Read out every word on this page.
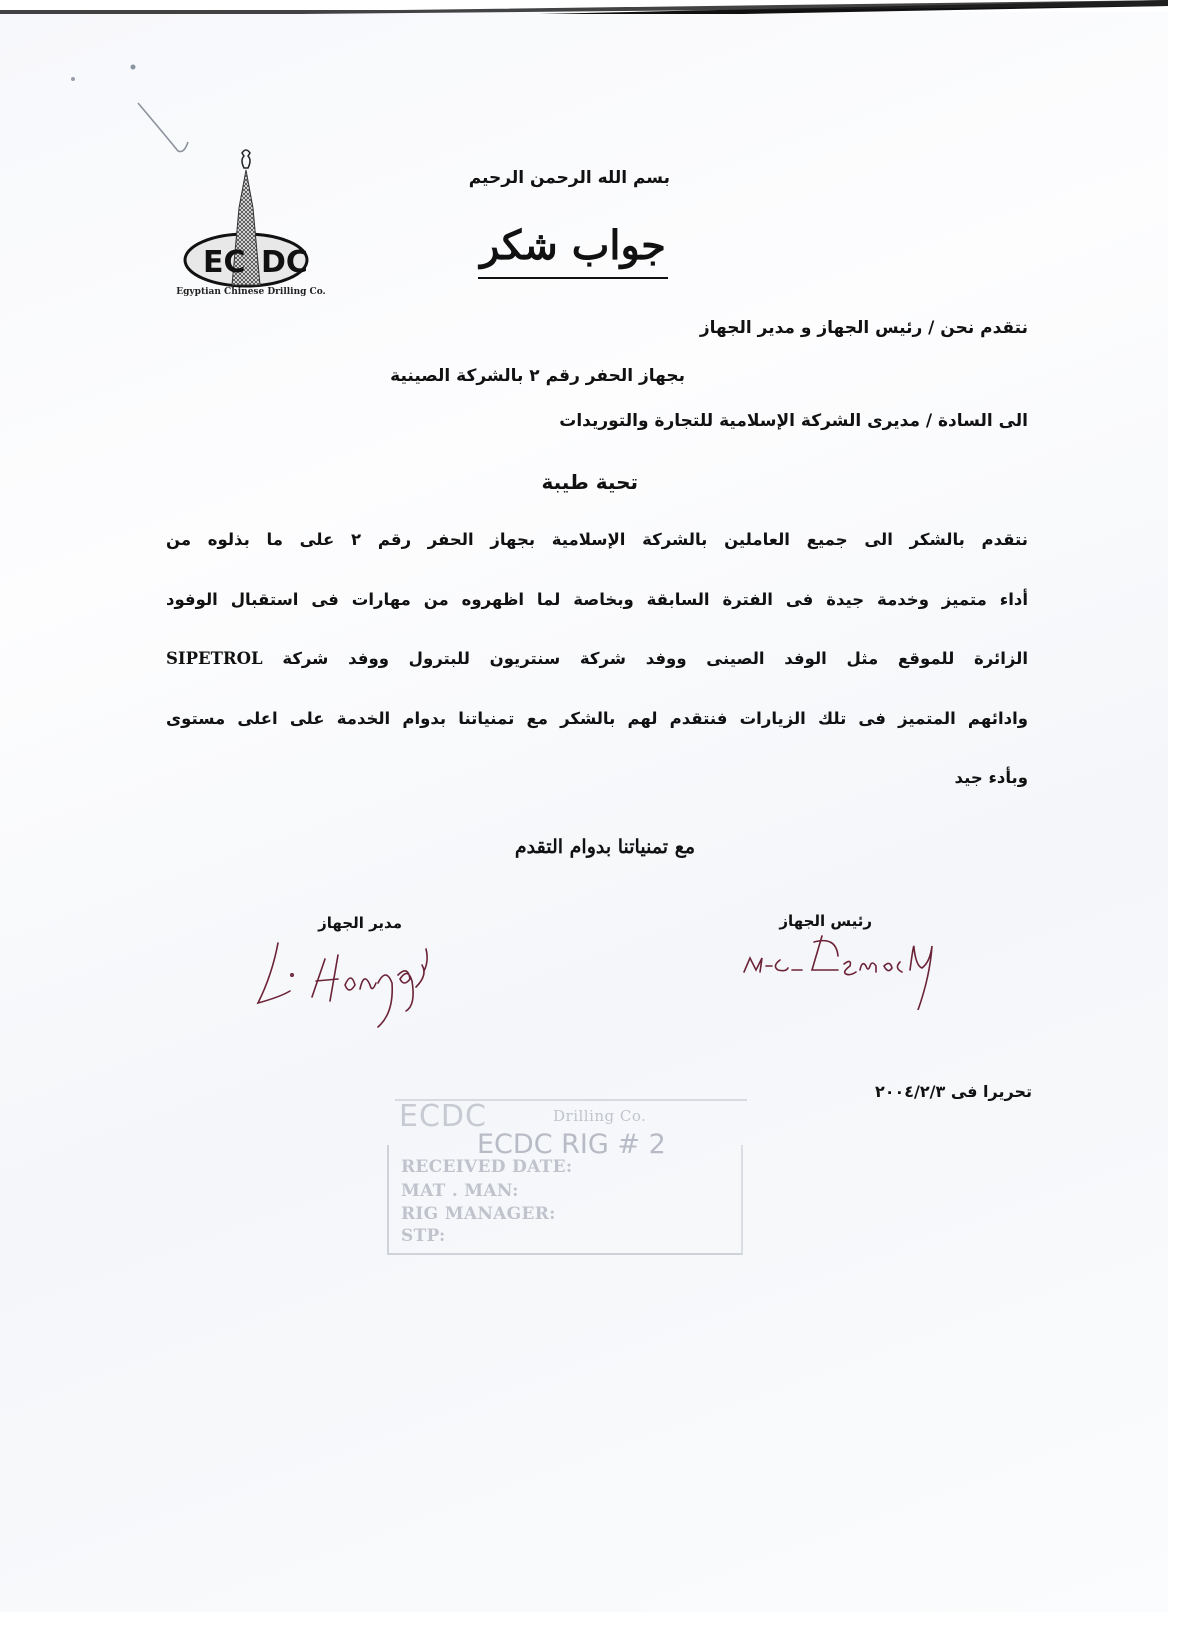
EC DC
Egyptian Chinese Drilling Co.
بسم الله الرحمن الرحيم
جواب شكر
نتقدم نحن / رئيس الجهاز و مدير الجهاز
بجهاز الحفر رقم ٢ بالشركة الصينية
الى السادة / مديرى الشركة الإسلامية للتجارة والتوريدات
تحية طيبة
نتقدم بالشكر الى جميع العاملين بالشركة الإسلامية بجهاز الحفر رقم ٢ على ما بذلوه من
أداء متميز وخدمة جيدة فى الفترة السابقة وبخاصة لما اظهروه من مهارات فى استقبال الوفود
الزائرة للموقع مثل الوفد الصينى ووفد شركة سنتريون للبترول ووفد شركة SIPETROL
وادائهم المتميز فى تلك الزيارات فنتقدم لهم بالشكر مع تمنياتنا بدوام الخدمة على اعلى مستوى
وبأدء جيد
مع تمنياتنا بدوام التقدم
مدير الجهاز	رئيس الجهاز
تحريرا فى ٢٠٠٤/٢/٣
ECDC	Drilling Co.
ECDC RIG # 2
RECEIVED DATE:
MAT . MAN:
RIG MANAGER:
STP:
